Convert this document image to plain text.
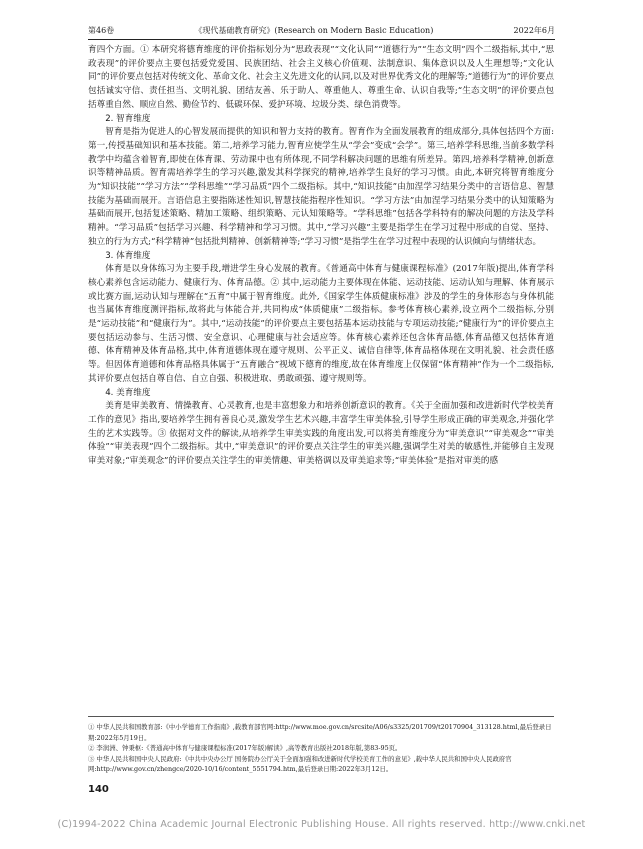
第46卷	《现代基础教育研究》(Research on Modern Basic Education)	2022年6月

育四个方面。① 本研究将德育维度的评价指标划分为“思政表现”“文化认同”“道德行为”“生态文明”四个二级指标,其中,“思政表现”的评价要点主要包括爱党爱国、民族团结、社会主义核心价值观、法制意识、集体意识以及人生理想等;“文化认同”的评价要点包括对传统文化、革命文化、社会主义先进文化的认同,以及对世界优秀文化的理解等;“道德行为”的评价要点包括诚实守信、责任担当、文明礼貌、团结友善、乐于助人、尊重他人、尊重生命、认识自我等;“生态文明”的评价要点包括尊重自然、顺应自然、勤俭节约、低碳环保、爱护环境、垃圾分类、绿色消费等。

2. 智育维度

智育是指为促进人的心智发展而提供的知识和智力支持的教育。智育作为全面发展教育的组成部分,具体包括四个方面:第一,传授基础知识和基本技能。第二,培养学习能力,智育应使学生从“学会”变成“会学”。第三,培养学科思维,当前多数学科教学中均蕴含着智育,即使在体育课、劳动课中也有所体现,不同学科解决问题的思维有所差异。第四,培养科学精神,创新意识等精神品质。智育需培养学生的学习兴趣,激发其科学探究的精神,培养学生良好的学习习惯。由此,本研究将智育维度分为“知识技能”“学习方法”“学科思维”“学习品质”四个二级指标。其中,“知识技能”由加涅学习结果分类中的言语信息、智慧技能为基础而展开。言语信息主要指陈述性知识,智慧技能指程序性知识。“学习方法”由加涅学习结果分类中的认知策略为基础而展开,包括复述策略、精加工策略、组织策略、元认知策略等。“学科思维”包括各学科特有的解决问题的方法及学科精神。“学习品质”包括学习兴趣、科学精神和学习习惯。其中,“学习兴趣”主要是指学生在学习过程中形成的自觉、坚持、独立的行为方式;“科学精神”包括批判精神、创新精神等;“学习习惯”是指学生在学习过程中表现的认识倾向与情绪状态。

3. 体育维度

体育是以身体练习为主要手段,增进学生身心发展的教育。《普通高中体育与健康课程标准》(2017年版)提出,体育学科核心素养包含运动能力、健康行为、体育品德。② 其中,运动能力主要体现在体能、运动技能、运动认知与理解、体育展示或比赛方面,运动认知与理解在“五育”中属于智育维度。此外,《国家学生体质健康标准》涉及的学生的身体形态与身体机能也当属体育维度测评指标,故将此与体能合并,共同构成“体质健康”二级指标。参考体育核心素养,设立两个二级指标,分别是“运动技能”和“健康行为”。其中,“运动技能”的评价要点主要包括基本运动技能与专项运动技能;“健康行为”的评价要点主要包括运动参与、生活习惯、安全意识、心理健康与社会适应等。体育核心素养还包含体育品德,体育品德又包括体育道德、体育精神及体育品格,其中,体育道德体现在遵守规则、公平正义、诚信自律等,体育品格体现在文明礼貌、社会责任感等。但因体育道德和体育品格具体属于“五育融合”视域下德育的维度,故在体育维度上仅保留“体育精神”作为一个二级指标,其评价要点包括自尊自信、自立自强、积极进取、勇敢顽强、遵守规则等。

4. 美育维度

美育是审美教育、情操教育、心灵教育,也是丰富想象力和培养创新意识的教育。《关于全面加强和改进新时代学校美育工作的意见》指出,要培养学生拥有善良心灵,激发学生艺术兴趣,丰富学生审美体验,引导学生形成正确的审美观念,并强化学生的艺术实践等。③ 依据对文件的解读,从培养学生审美实践的角度出发,可以将美育维度分为“审美意识”“审美观念”“审美体验”“审美表现”四个二级指标。其中,“审美意识”的评价要点关注学生的审美兴趣,强调学生对美的敏感性,并能够自主发现审美对象;“审美观念”的评价要点关注学生的审美情趣、审美格调以及审美追求等;“审美体验”是指对审美的感

① 中华人民共和国教育部:《中小学德育工作指南》,载教育部官网:http://www.moe.gov.cn/srcsite/A06/s3325/201709/t20170904_313128.html,最后登录日期:2022年5月19日。

② 李润洲、钟秉枢:《普通高中体育与健康课程标准(2017年版)解读》,高等教育出版社2018年版,第83-95页。

③ 中华人民共和国中央人民政府:《中共中央办公厅 国务院办公厅关于全面加强和改进新时代学校美育工作的意见》,载中华人民共和国中央人民政府官网:http://www.gov.cn/zhengce/2020-10/16/content_5551794.htm,最后登录日期:2022年3月12日。

140
(C)1994-2022 China Academic Journal Electronic Publishing House. All rights reserved. http://www.cnki.net
